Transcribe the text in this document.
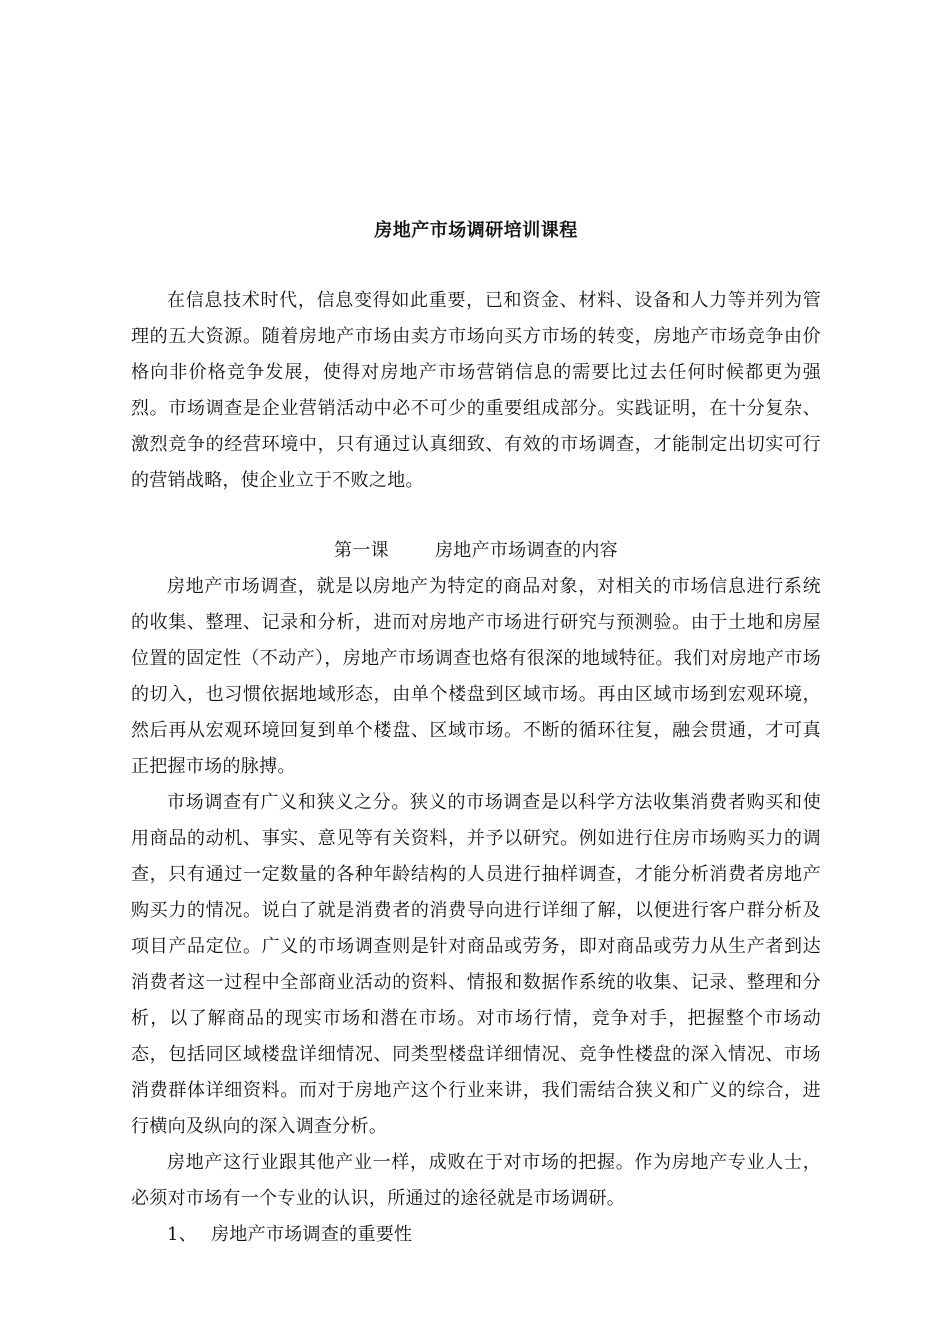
房地产市场调研培训课程

在信息技术时代，信息变得如此重要，已和资金、材料、设备和人力等并列为管理的五大资源。随着房地产市场由卖方市场向买方市场的转变，房地产市场竞争由价格向非价格竞争发展，使得对房地产市场营销信息的需要比过去任何时候都更为强烈。市场调查是企业营销活动中必不可少的重要组成部分。实践证明，在十分复杂、激烈竞争的经营环境中，只有通过认真细致、有效的市场调查，才能制定出切实可行的营销战略，使企业立于不败之地。

第一课	房地产市场调查的内容

房地产市场调查，就是以房地产为特定的商品对象，对相关的市场信息进行系统的收集、整理、记录和分析，进而对房地产市场进行研究与预测验。由于土地和房屋位置的固定性（不动产），房地产市场调查也烙有很深的地域特征。我们对房地产市场的切入，也习惯依据地域形态，由单个楼盘到区域市场。再由区域市场到宏观环境，然后再从宏观环境回复到单个楼盘、区域市场。不断的循环往复，融会贯通，才可真正把握市场的脉搏。

市场调查有广义和狭义之分。狭义的市场调查是以科学方法收集消费者购买和使用商品的动机、事实、意见等有关资料，并予以研究。例如进行住房市场购买力的调查，只有通过一定数量的各种年龄结构的人员进行抽样调查，才能分析消费者房地产购买力的情况。说白了就是消费者的消费导向进行详细了解，以便进行客户群分析及项目产品定位。广义的市场调查则是针对商品或劳务，即对商品或劳力从生产者到达消费者这一过程中全部商业活动的资料、情报和数据作系统的收集、记录、整理和分析，以了解商品的现实市场和潜在市场。对市场行情，竞争对手，把握整个市场动态，包括同区域楼盘详细情况、同类型楼盘详细情况、竞争性楼盘的深入情况、市场消费群体详细资料。而对于房地产这个行业来讲，我们需结合狭义和广义的综合，进行横向及纵向的深入调查分析。

房地产这行业跟其他产业一样，成败在于对市场的把握。作为房地产专业人士，必须对市场有一个专业的认识，所通过的途径就是市场调研。

1、 房地产市场调查的重要性
